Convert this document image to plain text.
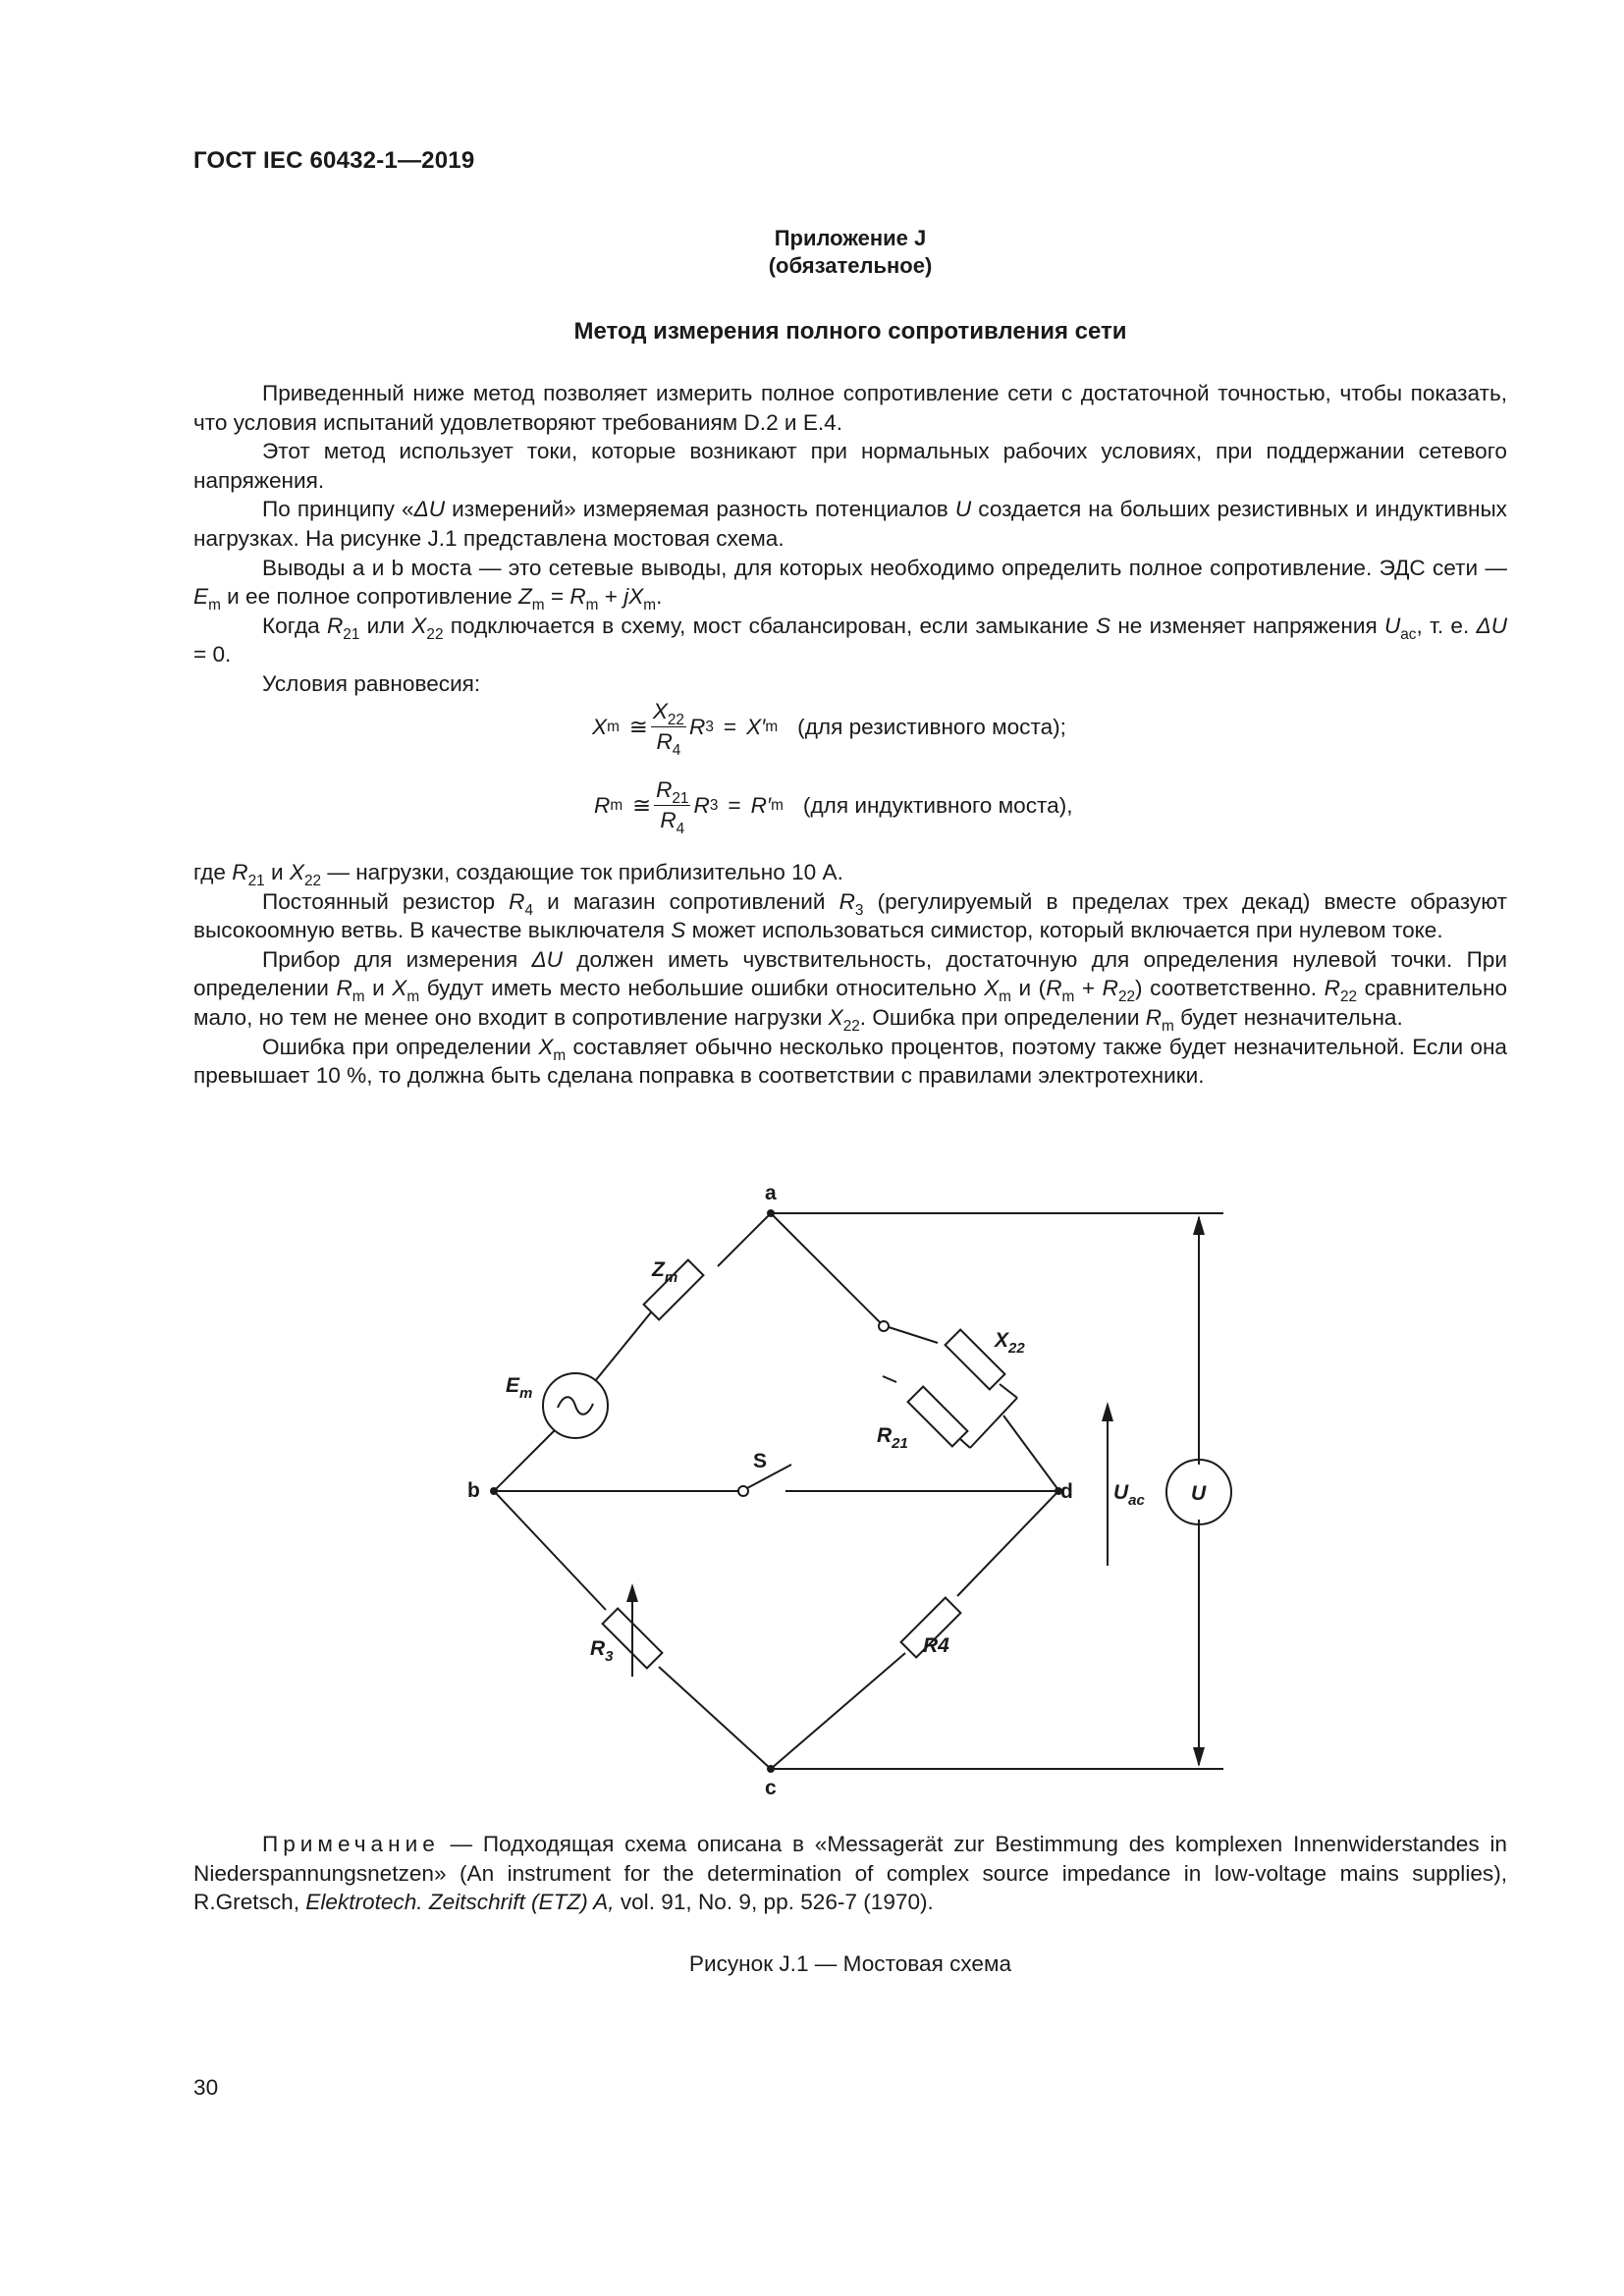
ГОСТ IEC 60432-1—2019
Приложение J
(обязательное)
Метод измерения полного сопротивления сети

Приведенный ниже метод позволяет измерить полное сопротивление сети с достаточной точностью, чтобы показать, что условия испытаний удовлетворяют требованиям D.2 и E.4.

Этот метод использует токи, которые возникают при нормальных рабочих условиях, при поддержании сетевого напряжения.

По принципу «ΔU измерений» измеряемая разность потенциалов U создается на больших резистивных и индуктивных нагрузках. На рисунке J.1 представлена мостовая схема.

Выводы a и b моста — это сетевые выводы, для которых необходимо определить полное сопротивление. ЭДС сети — $E_m$ и ее полное сопротивление $Z_m = R_m + jX_m$.

Когда $R_{21}$ или $X_{22}$ подключается в схему, мост сбалансирован, если замыкание S не изменяет напряжения $U_{ac}$, т. е. ΔU = 0.

Условия равновесия:

X m ≅ $\frac{X_{22}}{R_4}$ R 3 = X′ m (для резистивного моста);
R m ≅ $\frac{R_{21}}{R_4}$ R 3 = R′ m (для индуктивного моста),

где $R_{21}$ и $X_{22}$ — нагрузки, создающие ток приблизительно 10 А.

Постоянный резистор $R_4$ и магазин сопротивлений $R_3$ (регулируемый в пределах трех декад) вместе образуют высокоомную ветвь. В качестве выключателя S может использоваться симистор, который включается при нулевом токе.

Прибор для измерения ΔU должен иметь чувствительность, достаточную для определения нулевой точки. При определении $R_m$ и $X_m$ будут иметь место небольшие ошибки относительно $X_m$ и $(R_m + R_{22})$ соответственно. $R_{22}$ сравнительно мало, но тем не менее оно входит в сопротивление нагрузки $X_{22}$. Ошибка при определении $R_m$ будет незначительна.

Ошибка при определении $X_m$ составляет обычно несколько процентов, поэтому также будет незначительной. Если она превышает 10 %, то должна быть сделана поправка в соответствии с правилами электротехники.

a
b
c
d
S
R4
$Z_m$
$E_m$
$X_{22}$
$R_{21}$
$R_3$
$U_{ac}$ U

Примечание — Подходящая схема описана в «Messagerät zur Bestimmung des komplexen Innenwiderstandes in Niederspannungsnetzen» (An instrument for the determination of complex source impedance in low-voltage mains supplies), R.Gretsch, Elektrotech. Zeitschrift (ETZ) A, vol. 91, No. 9, pp. 526-7 (1970).

Рисунок J.1 — Мостовая схема
30
